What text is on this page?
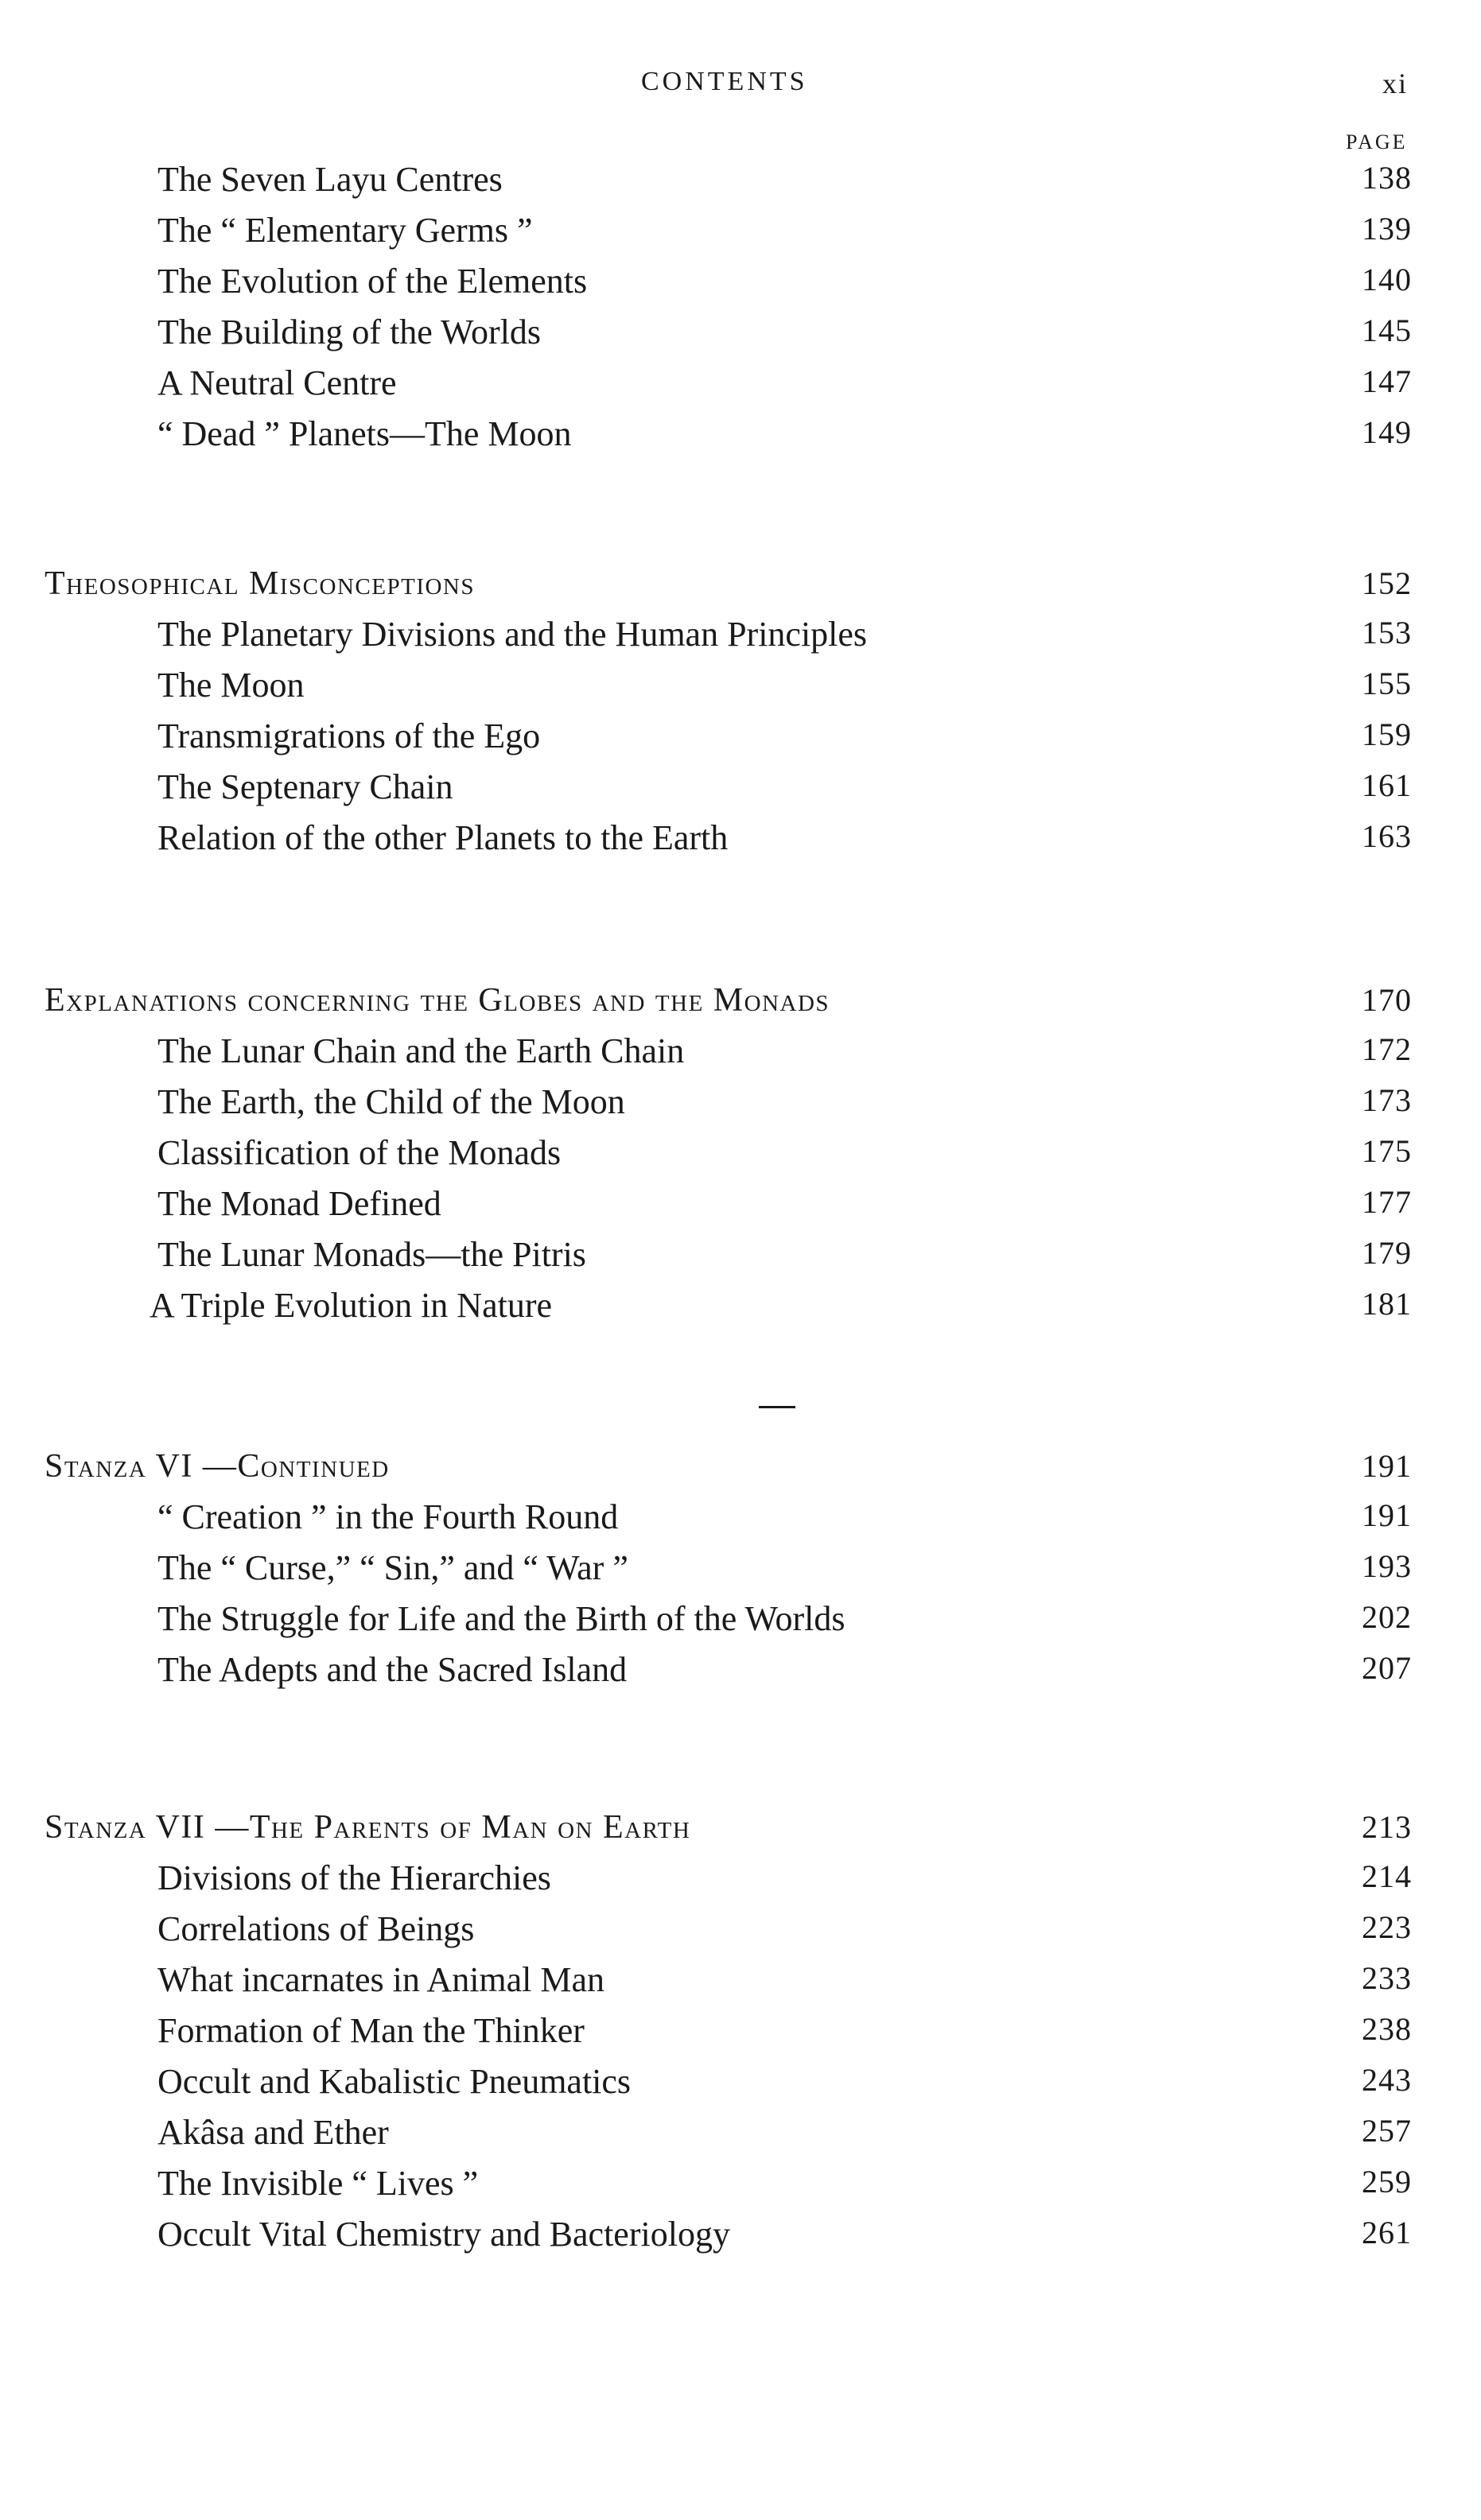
CONTENTS	xi
PAGE
The Seven Layu Centres	138
The “ Elementary Germs ”	139
The Evolution of the Elements	140
The Building of the Worlds	145
A Neutral Centre	147
“ Dead ” Planets—The Moon	149
Theosophical Misconceptions	152
The Planetary Divisions and the Human Principles	153
The Moon	155
Transmigrations of the Ego	159
The Septenary Chain	161
Relation of the other Planets to the Earth	163
Explanations concerning the Globes and the Monads	170
The Lunar Chain and the Earth Chain	172
The Earth, the Child of the Moon	173
Classification of the Monads	175
The Monad Defined	177
The Lunar Monads—the Pitris	179
A Triple Evolution in Nature	181
Stanza VI —Continued	191
“ Creation ” in the Fourth Round	191
The “ Curse,” “ Sin,” and “ War ”	193
The Struggle for Life and the Birth of the Worlds	202
The Adepts and the Sacred Island	207
Stanza VII —The Parents of Man on Earth	213
Divisions of the Hierarchies	214
Correlations of Beings	223
What incarnates in Animal Man	233
Formation of Man the Thinker	238
Occult and Kabalistic Pneumatics	243
Akâsa and Ether	257
The Invisible “ Lives ”	259
Occult Vital Chemistry and Bacteriology	261
